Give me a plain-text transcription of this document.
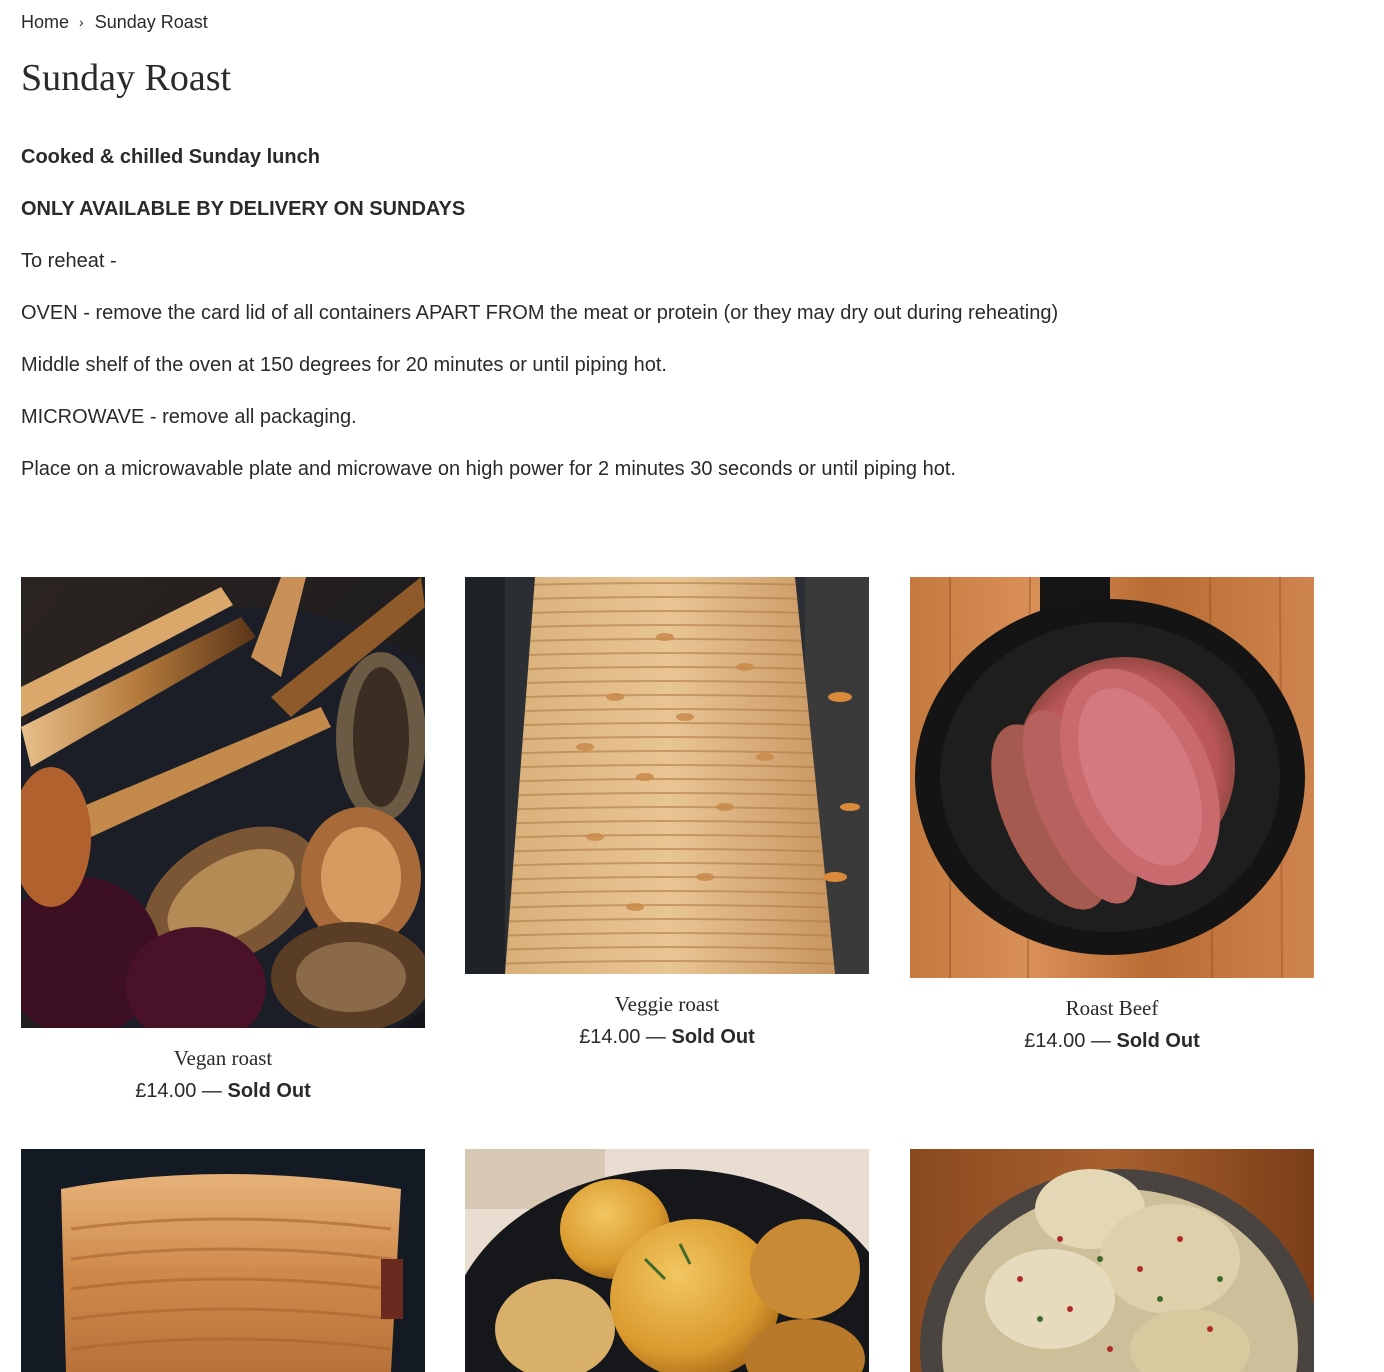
Home › Sunday Roast
Sunday Roast

Cooked & chilled Sunday lunch

ONLY AVAILABLE BY DELIVERY ON SUNDAYS

To reheat -

OVEN - remove the card lid of all containers APART FROM the meat or protein (or they may dry out during reheating)

Middle shelf of the oven at 150 degrees for 20 minutes or until piping hot.

MICROWAVE - remove all packaging.

Place on a microwavable plate and microwave on high power for 2 minutes 30 seconds or until piping hot.

Vegan roast
£14.00 — Sold Out
Veggie roast
£14.00 — Sold Out
Roast Beef
£14.00 — Sold Out
